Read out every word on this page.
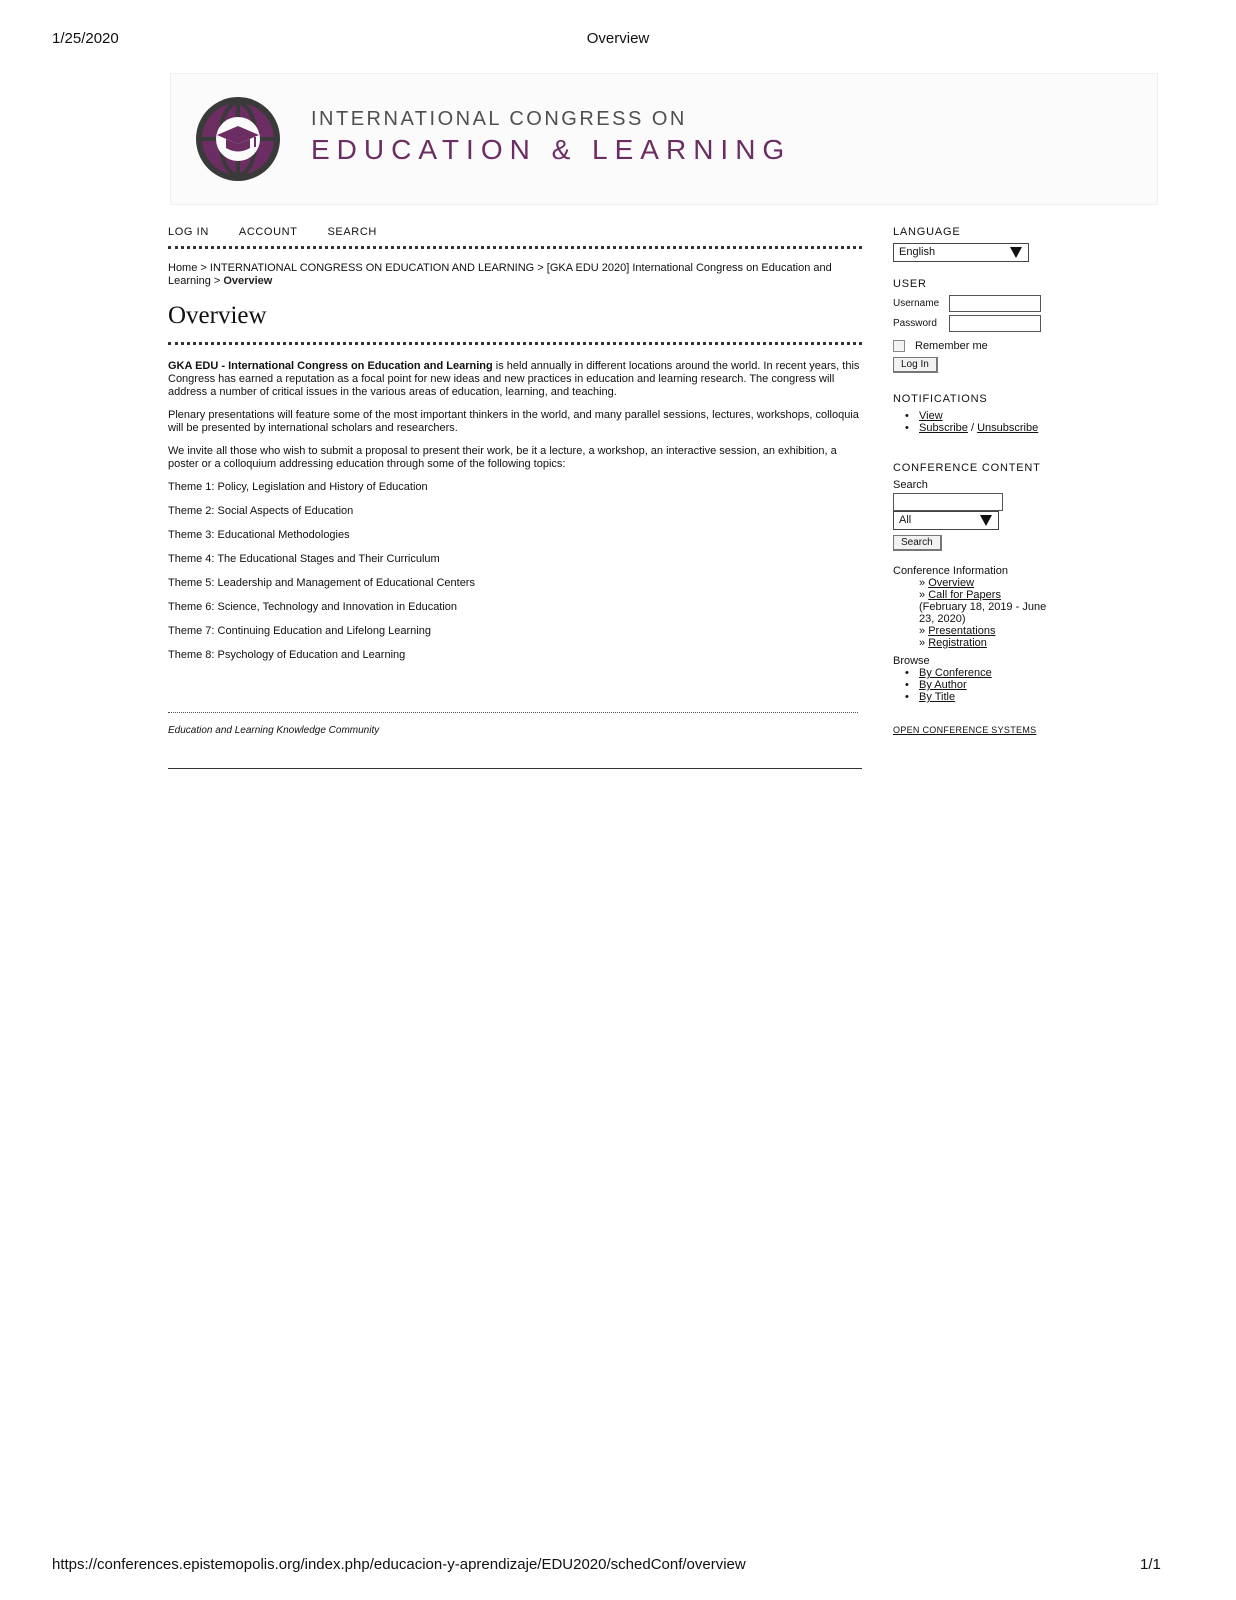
1/25/2020	Overview
INTERNATIONAL CONGRESS ON
EDUCATION & LEARNING
LOG IN	ACCOUNT	SEARCH
Home > INTERNATIONAL CONGRESS ON EDUCATION AND LEARNING > [GKA EDU 2020] International Congress on Education and Learning > Overview
Overview

GKA EDU - International Congress on Education and Learning is held annually in different locations around the world. In recent years, this Congress has earned a reputation as a focal point for new ideas and new practices in education and learning research. The congress will address a number of critical issues in the various areas of education, learning, and teaching.

Plenary presentations will feature some of the most important thinkers in the world, and many parallel sessions, lectures, workshops, colloquia will be presented by international scholars and researchers.

We invite all those who wish to submit a proposal to present their work, be it a lecture, a workshop, an interactive session, an exhibition, a poster or a colloquium addressing education through some of the following topics:

Theme 1: Policy, Legislation and History of Education
Theme 2: Social Aspects of Education
Theme 3: Educational Methodologies
Theme 4: The Educational Stages and Their Curriculum
Theme 5: Leadership and Management of Educational Centers
Theme 6: Science, Technology and Innovation in Education
Theme 7: Continuing Education and Lifelong Learning
Theme 8: Psychology of Education and Learning
Education and Learning Knowledge Community
LANGUAGE
English
USER
Username
Password
Remember me
Log In
NOTIFICATIONS
• View
• Subscribe / Unsubscribe
CONFERENCE CONTENT
Search
All
Search
Conference Information
» Overview
» Call for Papers
(February 18, 2019 - June 23, 2020)
» Presentations
» Registration
Browse
• By Conference
• By Author
• By Title
OPEN CONFERENCE SYSTEMS
https://conferences.epistemopolis.org/index.php/educacion-y-aprendizaje/EDU2020/schedConf/overview	1/1
